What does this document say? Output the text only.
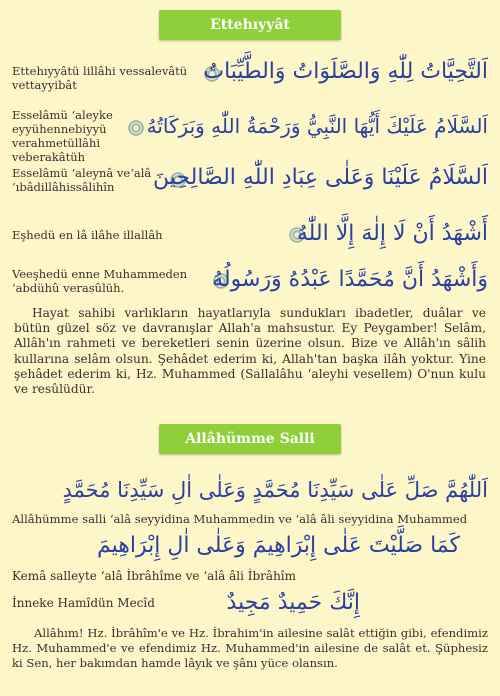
Ettehıyyât
Ettehıyyâtü lillâhi vessalevâtü vettayyibât
اَلتَّحِيَّاتُ لِلّٰهِ وَالصَّلَوَاتُ وَالطَّيِّبَاتُ
Esselâmü ‘aleyke eyyühennebiyyü verahmetüllâhi veberakâtüh
اَلسَّلَامُ عَلَيْكَ أَيُّهَا النَّبِيُّ وَرَحْمَةُ اللّٰهِ وَبَرَكَاتُهُ
Esselâmü ‘aleynâ ve‘alâ ‘ıbâdillâhissâlihîn	اَلسَّلَامُ عَلَيْنَا وَعَلٰى عِبَادِ اللّٰهِ الصَّالِحِينَ
Eşhedü en lâ ilâhe illallâh	أَشْهَدُ أَنْ لَا إِلٰهَ إِلَّا اللّٰهُ
Veeşhedü enne Muhammeden ‘abdühû verasûlüh.	وَأَشْهَدُ أَنَّ مُحَمَّدًا عَبْدُهُ وَرَسُولُهُ
Hayat sahibi varlıkların hayatlarıyla sundukları ibadetler, duâlar ve bütün güzel söz ve davranışlar Allah'a mahsustur. Ey Peygamber! Selâm, Allâh'ın rahmeti ve bereketleri senin üzerine olsun. Bize ve Allâh'ın sâlih kullarına selâm olsun. Şehâdet ederim ki, Allah'tan başka ilâh yoktur. Yine şehâdet ederim ki, Hz. Muhammed (Sallalâhu ‘aleyhi vesellem) O'nun kulu ve resûlüdür.
Allâhümme Salli
اَللّٰهُمَّ صَلِّ عَلٰى سَيِّدِنَا مُحَمَّدٍ وَعَلٰى اٰلِ سَيِّدِنَا مُحَمَّدٍ
Allâhümme salli ‘alâ seyyidina Muhammedin ve ‘alâ âli seyyidina Muhammed
كَمَا صَلَّيْتَ عَلٰى إِبْرَاهِيمَ وَعَلٰى اٰلِ إِبْرَاهِيمَ
Kemâ salleyte ‘alâ İbrâhîme ve ‘alâ âli İbrâhîm
إِنَّكَ حَمِيدٌ مَجِيدٌ
İnneke Hamîdün Mecîd
Allâhım! Hz. İbrâhîm'e ve Hz. İbrahim'in ailesine salât ettiğin gibi, efendimiz Hz. Muhammed'e ve efendimiz Hz. Muhammed'in ailesine de salât et. Şüphesiz ki Sen, her bakımdan hamde lâyık ve şânı yüce olansın.
